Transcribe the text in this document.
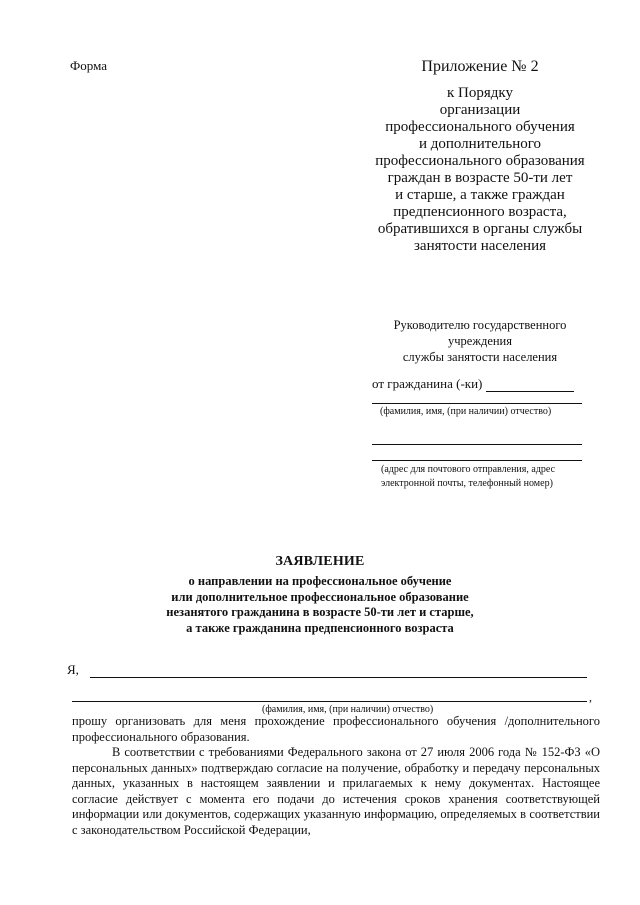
Форма	Приложение № 2
к Порядку
организации
профессионального обучения
и дополнительного
профессионального образования
граждан в возрасте 50-ти лет
и старше, а также граждан
предпенсионного возраста,
обратившихся в органы службы
занятости населения
Руководителю государственного
учреждения
службы занятости населения
от гражданина (-ки)
(фамилия, имя, (при наличии) отчество)
(адрес для почтового отправления, адрес
электронной почты, телефонный номер)
ЗАЯВЛЕНИЕ
о направлении на профессиональное обучение
или дополнительное профессиональное образование
незанятого гражданина в возрасте 50-ти лет и старше,
а также гражданина предпенсионного возраста
Я,
,
(фамилия, имя, (при наличии) отчество)
прошу организовать для меня прохождение профессионального обучения /дополнительного профессионального образования.
В соответствии с требованиями Федерального закона от 27 июля 2006 года № 152-ФЗ «О персональных данных» подтверждаю согласие на получение, обработку и передачу персональных данных, указанных в настоящем заявлении и прилагаемых к нему документах. Настоящее согласие действует с момента его подачи до истечения сроков хранения соответствующей информации или документов, содержащих указанную информацию, определяемых в соответствии с законодательством Российской Федерации,
